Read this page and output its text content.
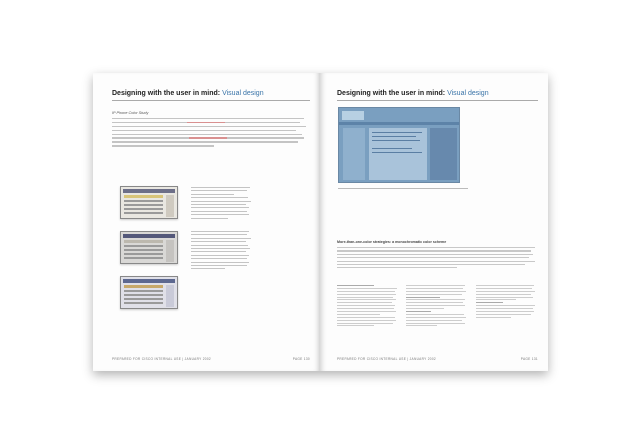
Designing with the user in mind: Visual design
IP Phone Color Study
PREPARED FOR CISCO INTERNAL USE | JANUARY 2002	PAGE 130
Designing with the user in mind: Visual design
More-than-one-color strategies: a monochromatic color scheme
PREPARED FOR CISCO INTERNAL USE | JANUARY 2002	PAGE 131
